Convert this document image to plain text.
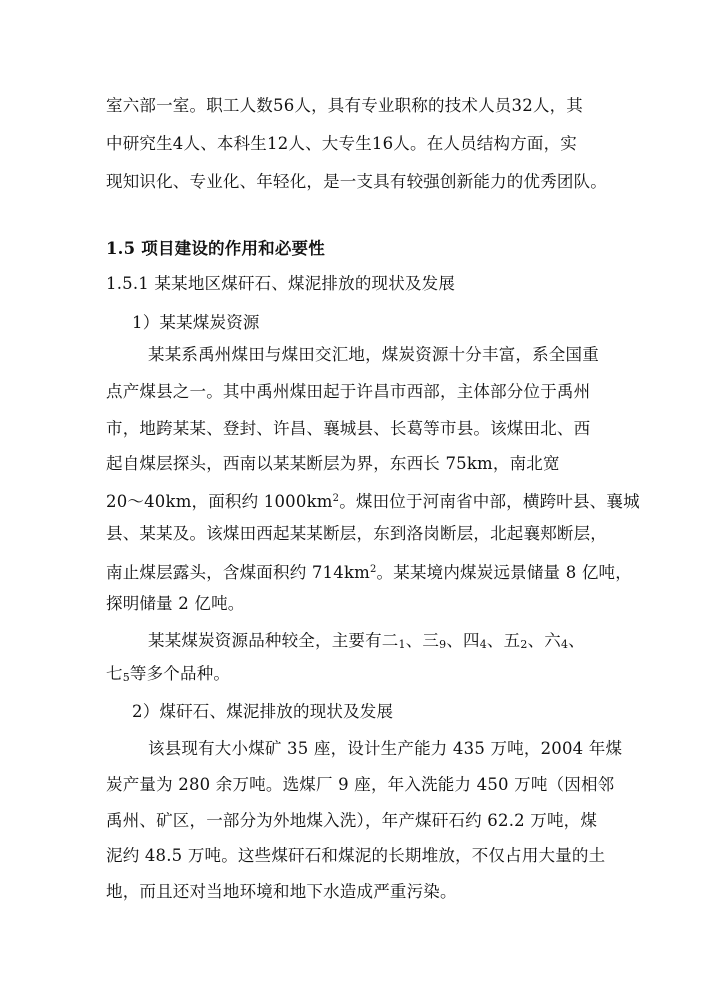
室六部一室。职工人数56人，具有专业职称的技术人员32人，其
中研究生4人、本科生12人、大专生16人。在人员结构方面，实
现知识化、专业化、年轻化，是一支具有较强创新能力的优秀团队。
1.5 项目建设的作用和必要性
1.5.1 某某地区煤矸石、煤泥排放的现状及发展
1）某某煤炭资源
某某系禹州煤田与煤田交汇地，煤炭资源十分丰富，系全国重
点产煤县之一。其中禹州煤田起于许昌市西部，主体部分位于禹州
市，地跨某某、登封、许昌、襄城县、长葛等市县。该煤田北、西
起自煤层探头，西南以某某断层为界，东西长 75km，南北宽
20～40km，面积约 $1000km^2$。煤田位于河南省中部，横跨叶县、襄城
县、某某及。该煤田西起某某断层，东到洛岗断层，北起襄郏断层，
南止煤层露头，含煤面积约 $714km^2$。某某境内煤炭远景储量 8 亿吨，
探明储量 2 亿吨。
某某煤炭资源品种较全，主要有二1、三9、四4、五2、六4、
七5等多个品种。
2）煤矸石、煤泥排放的现状及发展
该县现有大小煤矿 35 座，设计生产能力 435 万吨，2004 年煤
炭产量为 280 余万吨。选煤厂 9 座，年入洗能力 450 万吨（因相邻
禹州、矿区，一部分为外地煤入洗），年产煤矸石约 62.2 万吨，煤
泥约 48.5 万吨。这些煤矸石和煤泥的长期堆放，不仅占用大量的土
地，而且还对当地环境和地下水造成严重污染。
